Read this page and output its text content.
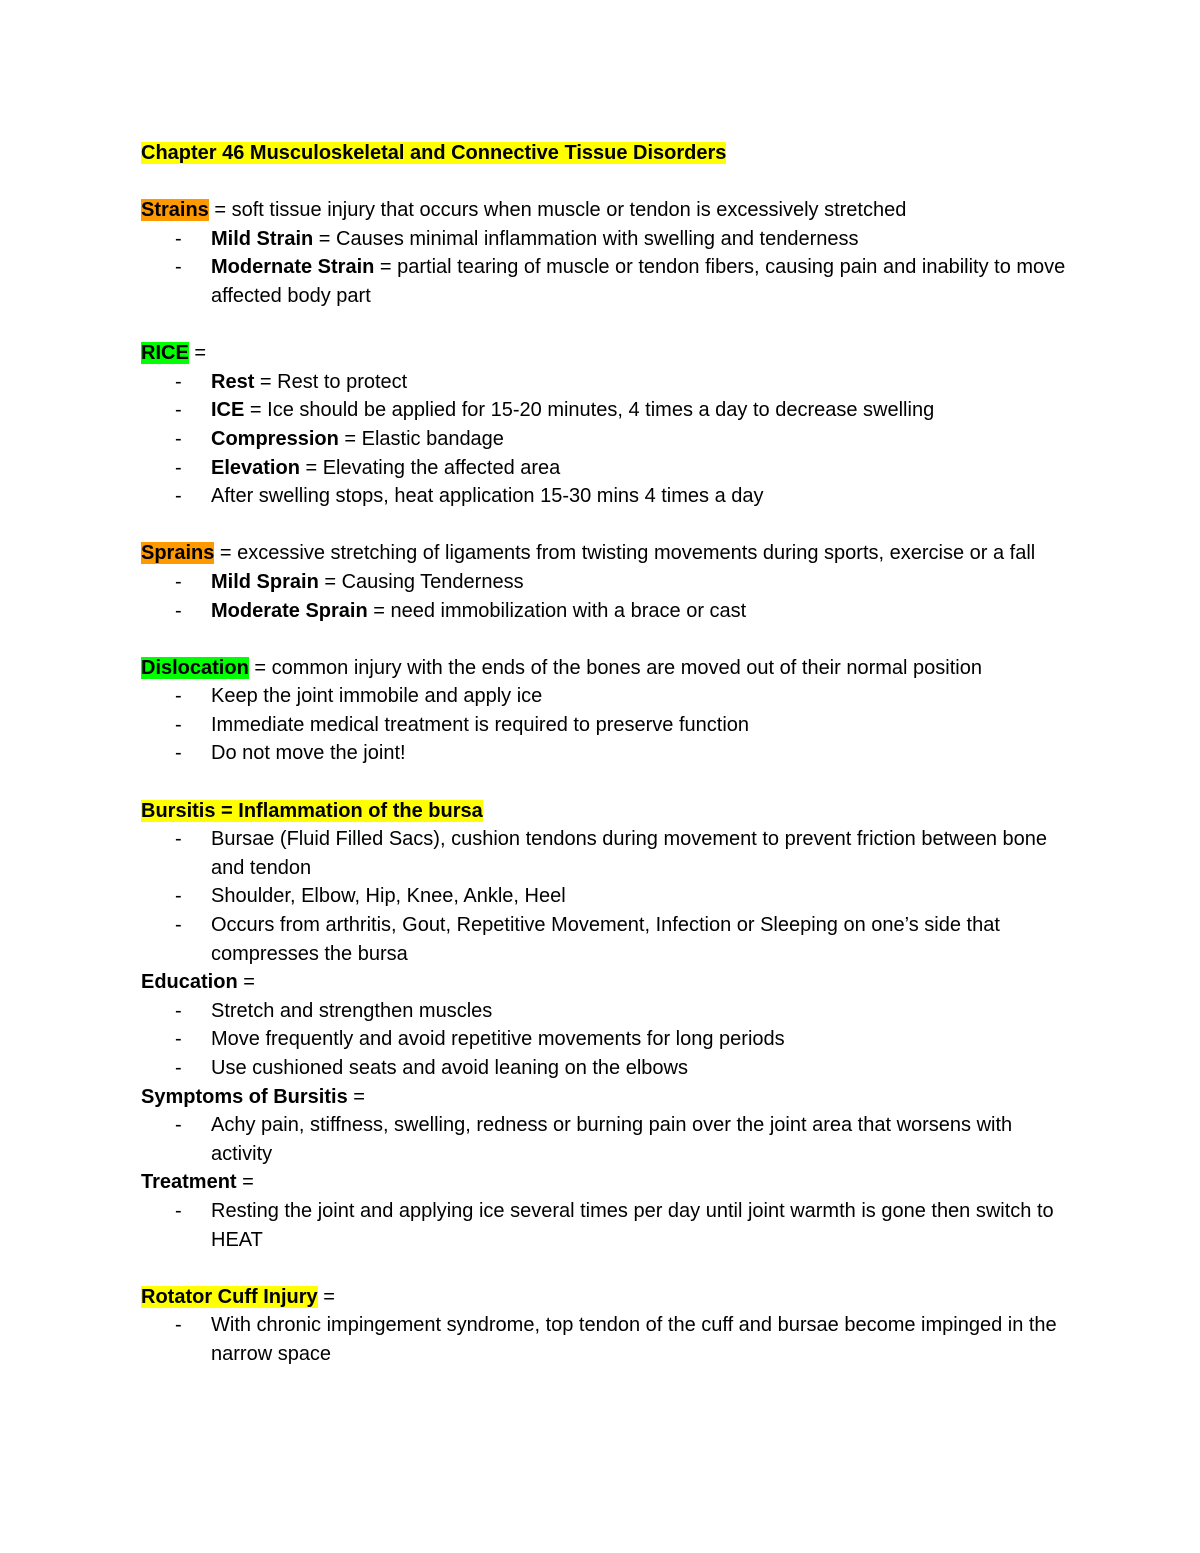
Chapter 46 Musculoskeletal and Connective Tissue Disorders
Strains = soft tissue injury that occurs when muscle or tendon is excessively stretched
- Mild Strain = Causes minimal inflammation with swelling and tenderness
- Modernate Strain = partial tearing of muscle or tendon fibers, causing pain and inability to move affected body part
RICE =
- Rest = Rest to protect
- ICE = Ice should be applied for 15-20 minutes, 4 times a day to decrease swelling
- Compression = Elastic bandage
- Elevation = Elevating the affected area
- After swelling stops, heat application 15-30 mins 4 times a day
Sprains = excessive stretching of ligaments from twisting movements during sports, exercise or a fall
- Mild Sprain = Causing Tenderness
- Moderate Sprain = need immobilization with a brace or cast
Dislocation = common injury with the ends of the bones are moved out of their normal position
- Keep the joint immobile and apply ice
- Immediate medical treatment is required to preserve function
- Do not move the joint!
Bursitis = Inflammation of the bursa
- Bursae (Fluid Filled Sacs), cushion tendons during movement to prevent friction between bone and tendon
- Shoulder, Elbow, Hip, Knee, Ankle, Heel
- Occurs from arthritis, Gout, Repetitive Movement, Infection or Sleeping on one’s side that compresses the bursa
Education =
- Stretch and strengthen muscles
- Move frequently and avoid repetitive movements for long periods
- Use cushioned seats and avoid leaning on the elbows
Symptoms of Bursitis =
- Achy pain, stiffness, swelling, redness or burning pain over the joint area that worsens with activity
Treatment =
- Resting the joint and applying ice several times per day until joint warmth is gone then switch to HEAT
Rotator Cuff Injury =
- With chronic impingement syndrome, top tendon of the cuff and bursae become impinged in the narrow space
